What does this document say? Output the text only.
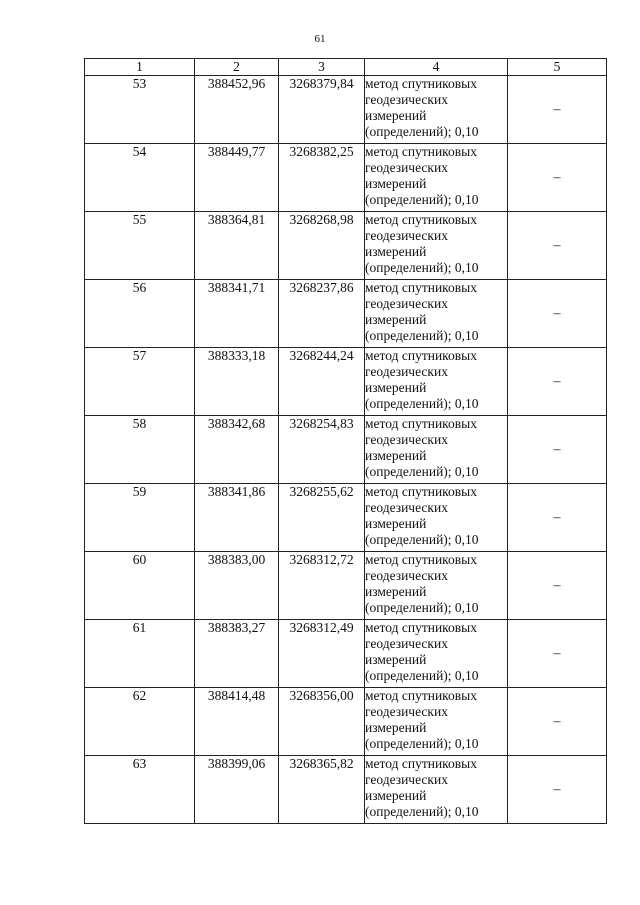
61
1	2	3	4	5
53	388452,96	3268379,84	метод спутниковых
геодезических
измерений
(определений); 0,10	–
54	388449,77	3268382,25	метод спутниковых
геодезических
измерений
(определений); 0,10	–
55	388364,81	3268268,98	метод спутниковых
геодезических
измерений
(определений); 0,10	–
56	388341,71	3268237,86	метод спутниковых
геодезических
измерений
(определений); 0,10	–
57	388333,18	3268244,24	метод спутниковых
геодезических
измерений
(определений); 0,10	–
58	388342,68	3268254,83	метод спутниковых
геодезических
измерений
(определений); 0,10	–
59	388341,86	3268255,62	метод спутниковых
геодезических
измерений
(определений); 0,10	–
60	388383,00	3268312,72	метод спутниковых
геодезических
измерений
(определений); 0,10	–
61	388383,27	3268312,49	метод спутниковых
геодезических
измерений
(определений); 0,10	–
62	388414,48	3268356,00	метод спутниковых
геодезических
измерений
(определений); 0,10	–
63	388399,06	3268365,82	метод спутниковых
геодезических
измерений
(определений); 0,10	–
